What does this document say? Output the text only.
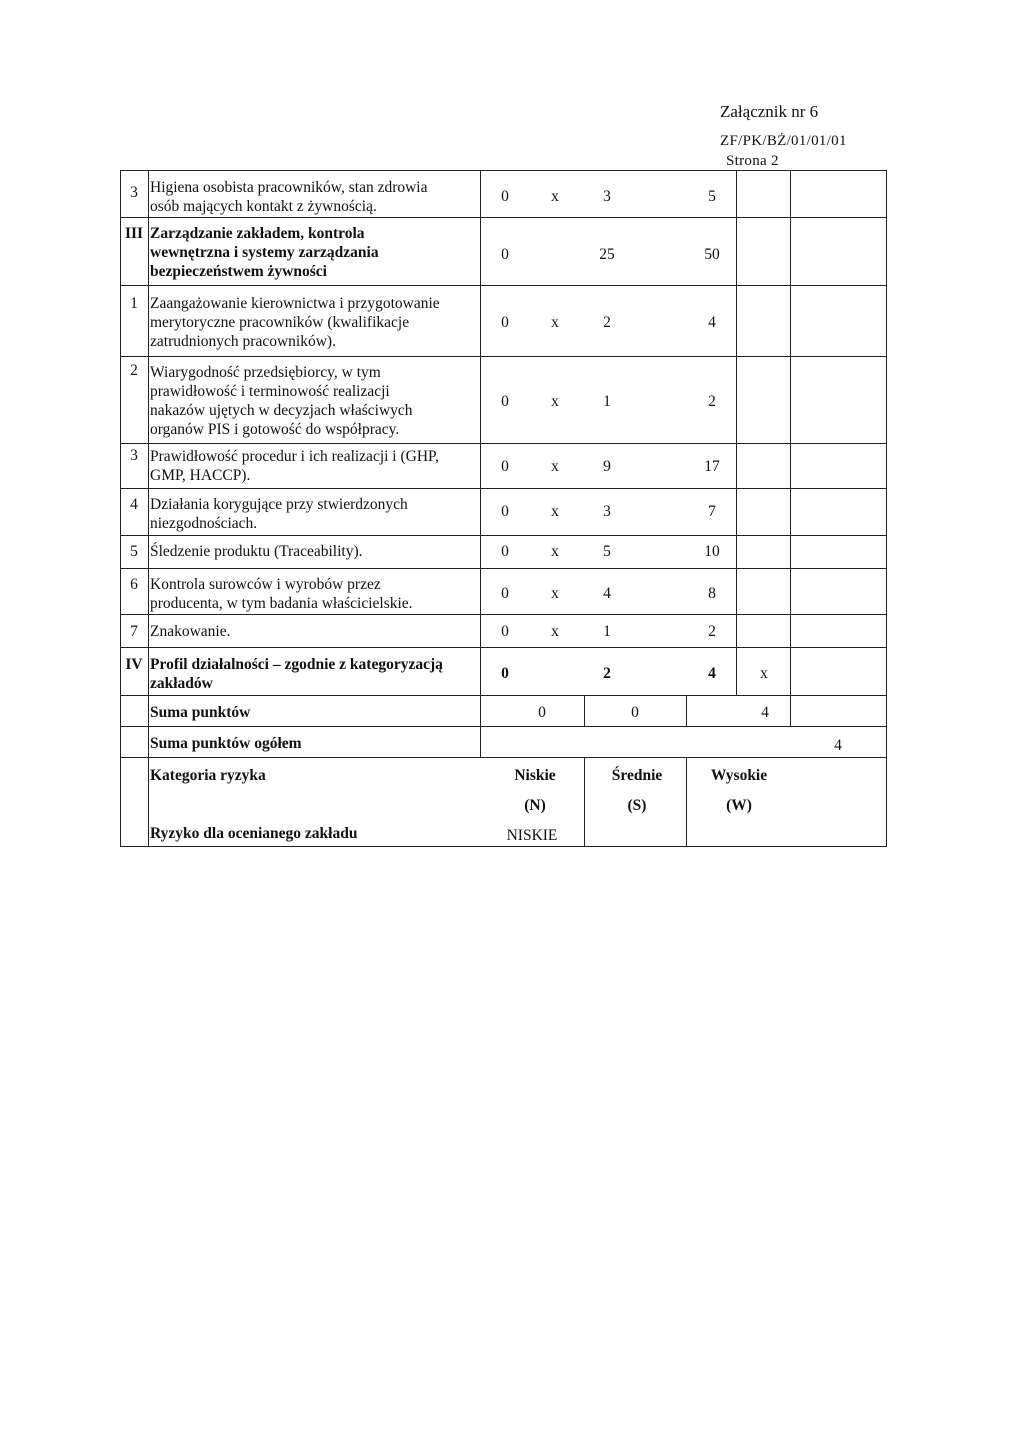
Załącznik nr 6
ZF/PK/BŻ/01/01/01
Strona 2
3 Higiena osobista pracowników, stan zdrowia
osób mających kontakt z żywnością.
0	x	3	5
III Zarządzanie zakładem, kontrola
wewnętrzna i systemy zarządzania
bezpieczeństwem żywności
0	25	50
1 Zaangażowanie kierownictwa i przygotowanie
merytoryczne pracowników (kwalifikacje
zatrudnionych pracowników).
0	x	2	4
2 Wiarygodność przedsiębiorcy, w tym
prawidłowość i terminowość realizacji
nakazów ujętych w decyzjach właściwych
organów PIS i gotowość do współpracy.
0	x	1	2
3 Prawidłowość procedur i ich realizacji i (GHP,
GMP, HACCP).
0	x	9	17
4 Działania korygujące przy stwierdzonych
niezgodnościach.
0	x	3	7
5 Śledzenie produktu (Traceability).	0	x	5	10
6 Kontrola surowców i wyrobów przez
producenta, w tym badania właścicielskie.
0	x	4	8
7 Znakowanie.	0	x	1	2
IV Profil działalności – zgodnie z kategoryzacją
zakładów
0	2	4	x
Suma punktów	0	0	4
Suma punktów ogółem	4
Kategoria ryzyka	Niskie	Średnie	Wysokie
(N)	(S)	(W)
Ryzyko dla ocenianego zakładu	NISKIE
